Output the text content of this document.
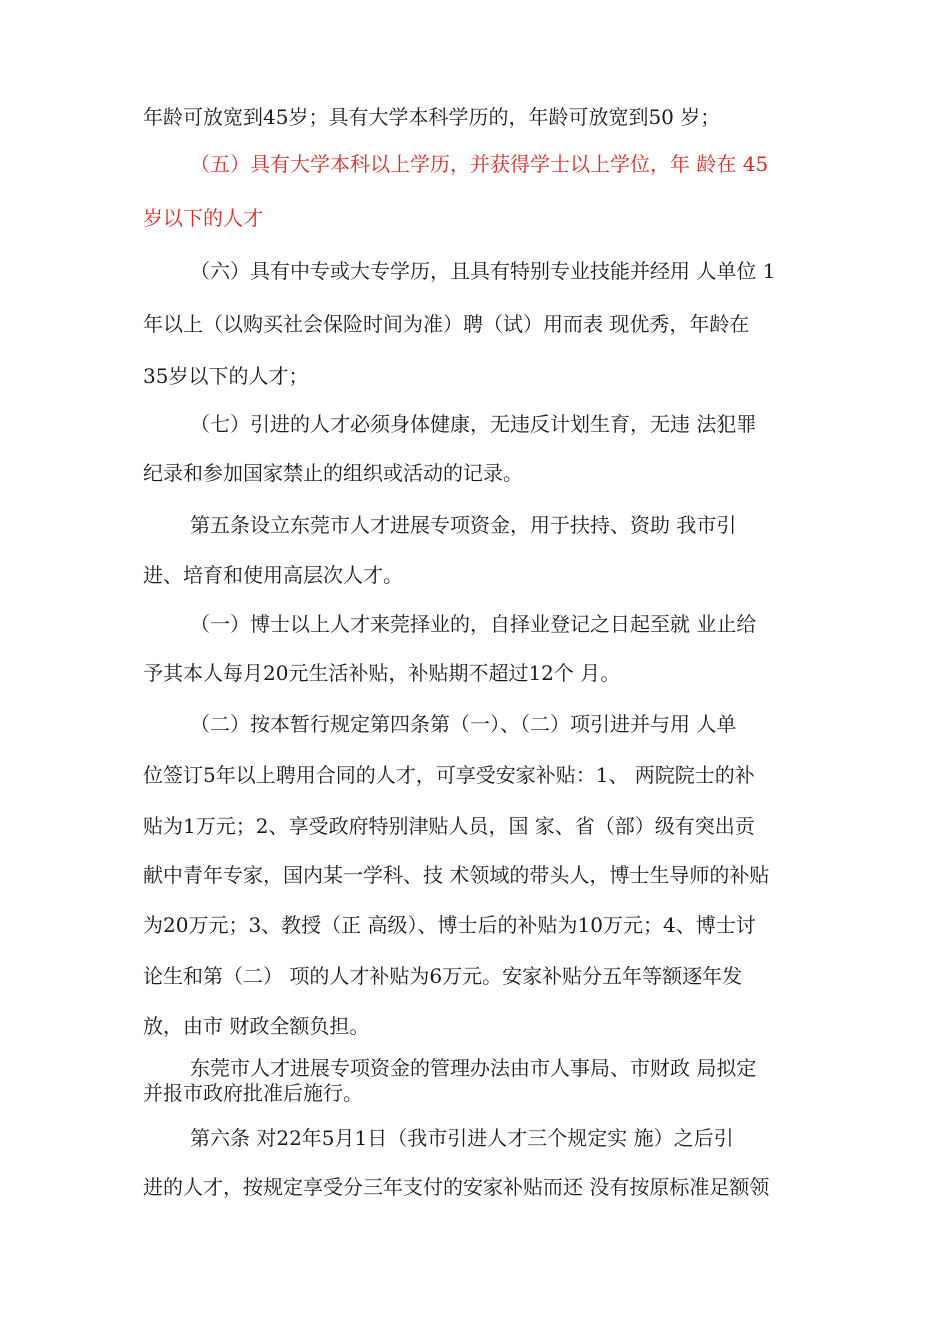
年龄可放宽到45岁；具有大学本科学历的，年龄可放宽到50 岁；
（五）具有大学本科以上学历，并获得学士以上学位，年 龄在 45
岁以下的人才
（六）具有中专或大专学历，且具有特别专业技能并经用 人单位 1
年以上（以购买社会保险时间为准）聘（试）用而表 现优秀，年龄在
35岁以下的人才；
（七）引进的人才必须身体健康，无违反计划生育，无违 法犯罪
纪录和参加国家禁止的组织或活动的记录。
第五条设立东莞市人才进展专项资金，用于扶持、资助 我市引
进、培育和使用高层次人才。
（一）博士以上人才来莞择业的，自择业登记之日起至就 业止给
予其本人每月20元生活补贴，补贴期不超过12个 月。
（二）按本暂行规定第四条第（一）、（二）项引进并与用 人单
位签订5年以上聘用合同的人才，可享受安家补贴：1、 两院院士的补
贴为1万元；2、享受政府特别津贴人员，国 家、省（部）级有突出贡
献中青年专家，国内某一学科、技 术领域的带头人，博士生导师的补贴
为20万元；3、教授（正 高级）、博士后的补贴为10万元；4、博士讨
论生和第（二） 项的人才补贴为6万元。安家补贴分五年等额逐年发
放，由市 财政全额负担。
东莞市人才进展专项资金的管理办法由市人事局、市财政 局拟定
并报市政府批准后施行。
第六条 对22年5月1日（我市引进人才三个规定实 施）之后引
进的人才，按规定享受分三年支付的安家补贴而还 没有按原标准足额领
